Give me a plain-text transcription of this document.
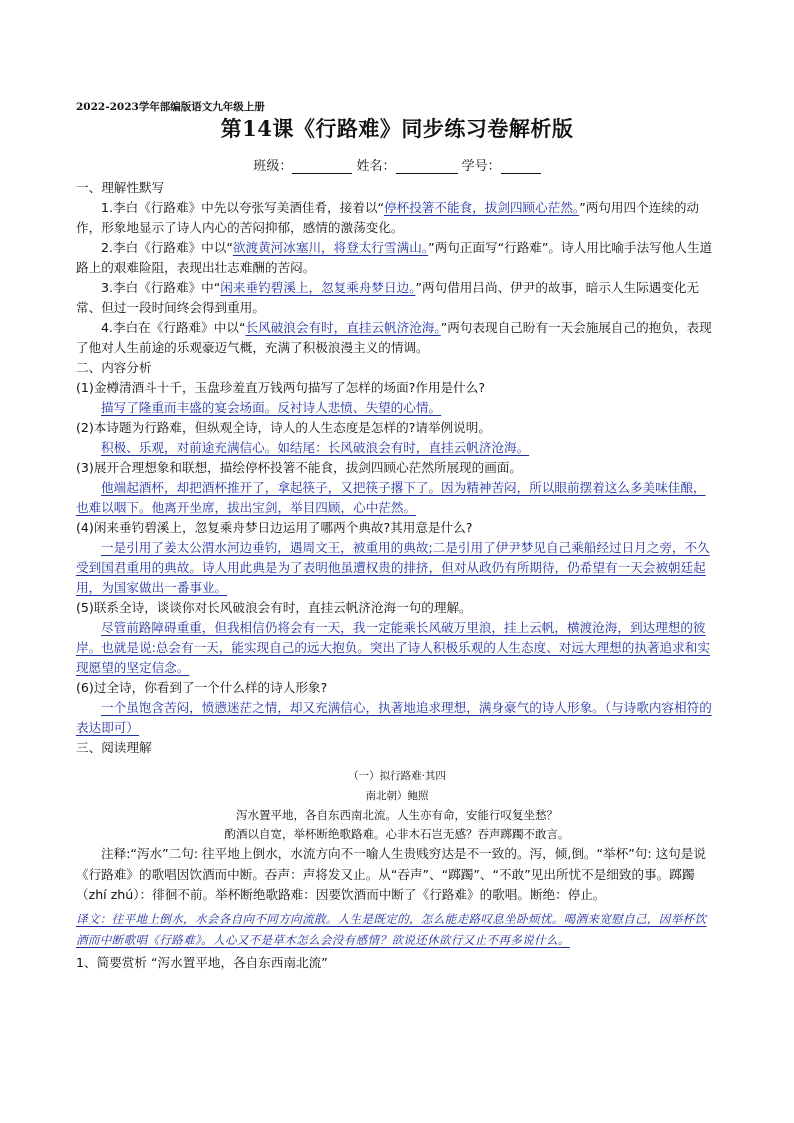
2022-2023学年部编版语文九年级上册
第14课《行路难》同步练习卷解析版
班级：	姓名：	学号：
一、理解性默写
1.李白《行路难》中先以夸张写美酒佳肴，接着以“停杯投箸不能食，拔剑四顾心茫然。”两句用四个连续的动作，形象地显示了诗人内心的苦闷抑郁，感情的激荡变化。
2.李白《行路难》中以“欲渡黄河冰塞川，将登太行雪满山。”两句正面写“行路难”。诗人用比喻手法写他人生道路上的艰难险阻，表现出壮志难酬的苦闷。
3.李白《行路难》中“闲来垂钓碧溪上，忽复乘舟梦日边。”两句借用吕尚、伊尹的故事，暗示人生际遇变化无常、但过一段时间终会得到重用。
4.李白在《行路难》中以“长风破浪会有时，直挂云帆济沧海。”两句表现自己盼有一天会施展自己的抱负，表现了他对人生前途的乐观豪迈气概，充满了积极浪漫主义的情调。
二、内容分析
(1)金樽清酒斗十千，玉盘珍羞直万钱两句描写了怎样的场面?作用是什么?
描写了隆重而丰盛的宴会场面。反衬诗人悲愤、失望的心情。
(2)本诗题为行路难，但纵观全诗，诗人的人生态度是怎样的?请举例说明。
积极、乐观，对前途充满信心。如结尾：长风破浪会有时，直挂云帆济沧海。
(3)展开合理想象和联想，描绘停杯投箸不能食，拔剑四顾心茫然所展现的画面。
他端起酒杯，却把酒杯推开了，拿起筷子，又把筷子撂下了。因为精神苦闷，所以眼前摆着这么多美味佳酿，也难以咽下。他离开坐席，拔出宝剑，举目四顾，心中茫然。
(4)闲来垂钓碧溪上，忽复乘舟梦日边运用了哪两个典故?其用意是什么?
一是引用了姜太公渭水河边垂钓，遇周文王，被重用的典故;二是引用了伊尹梦见自己乘船经过日月之旁，不久受到国君重用的典故。诗人用此典是为了表明他虽遭权贵的排挤，但对从政仍有所期待，仍希望有一天会被朝廷起用，为国家做出一番事业。
(5)联系全诗，谈谈你对长风破浪会有时，直挂云帆济沧海一句的理解。
尽管前路障碍重重，但我相信仍将会有一天，我一定能乘长风破万里浪，挂上云帆，横渡沧海，到达理想的彼岸。也就是说:总会有一天，能实现自己的远大抱负。突出了诗人积极乐观的人生态度、对远大理想的执著追求和实现愿望的坚定信念。
(6)过全诗，你看到了一个什么样的诗人形象?
一个虽饱含苦闷，愤懑迷茫之情，却又充满信心，执著地追求理想，满身豪气的诗人形象。（与诗歌内容相符的表达即可）
三、阅读理解
（一）拟行路难·其四
南北朝）鲍照
泻水置平地，各自东西南北流。人生亦有命，安能行叹复坐愁？
酌酒以自宽，举杯断绝歌路难。心非木石岂无感？吞声踯躅不敢言。
注释:“泻水”二句: 往平地上倒水，水流方向不一喻人生贵贱穷达是不一致的。泻，倾,倒。“举杯”句: 这句是说《行路难》的歌唱因饮酒而中断。吞声：声将发又止。从“吞声”、“踯躅”、“不敢”见出所忧不是细致的事。踯躅（zhí zhú）：徘徊不前。举杯断绝歌路难：因要饮酒而中断了《行路难》的歌唱。断绝：停止。
译文：往平地上倒水，水会各自向不同方向流散。人生是既定的，怎么能走路叹息坐卧烦忧。喝酒来宽慰自己，因举杯饮酒而中断歌唱《行路难》。人心又不是草木怎么会没有感情？欲说还休欲行又止不再多说什么。
1、简要赏析 “泻水置平地，各自东西南北流”
